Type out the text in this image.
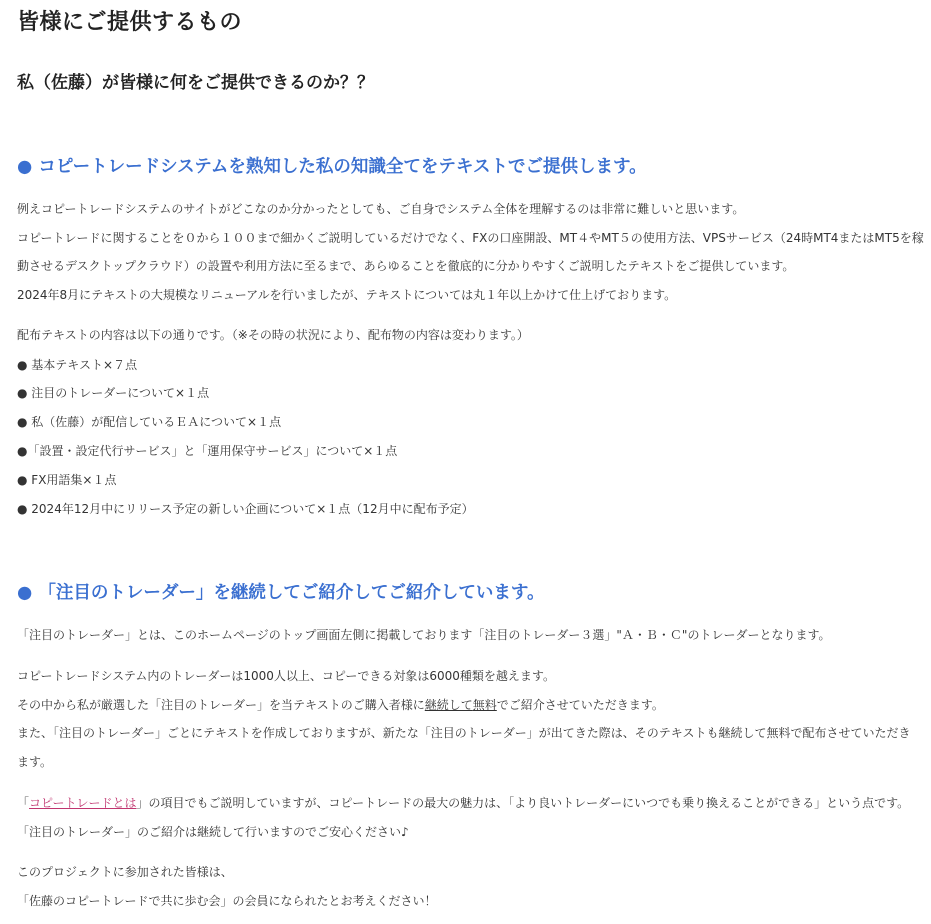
皆様にご提供するもの
私（佐藤）が皆様に何をご提供できるのか？？
● コピートレードシステムを熟知した私の知識全てをテキストでご提供します。
例えコピートレードシステムのサイトがどこなのか分かったとしても、ご自身でシステム全体を理解するのは非常に難しいと思います。
コピートレードに関することを０から１００まで細かくご説明しているだけでなく、FXの口座開設、MT４やMT５の使用方法、VPSサービス（24時MT4またはMT5を稼
動させるデスクトップクラウド）の設置や利用方法に至るまで、あらゆることを徹底的に分かりやすくご説明したテキストをご提供しています。
2024年8月にテキストの大規模なリニューアルを行いましたが、テキストについては丸１年以上かけて仕上げております。
配布テキストの内容は以下の通りです。（※その時の状況により、配布物の内容は変わります。）
● 基本テキスト×７点
● 注目のトレーダーについて×１点
● 私（佐藤）が配信しているＥＡについて×１点
●「設置・設定代行サービス」と「運用保守サービス」について×１点
● FX用語集×１点
● 2024年12月中にリリース予定の新しい企画について×１点（12月中に配布予定）
● 「注目のトレーダー」を継続してご紹介してご紹介しています。
「注目のトレーダー」とは、このホームページのトップ画面左側に掲載しております「注目のトレーダー３選」"Ａ・Ｂ・Ｃ"のトレーダーとなります。
コピートレードシステム内のトレーダーは1000人以上、コピーできる対象は6000種類を越えます。
その中から私が厳選した「注目のトレーダー」を当テキストのご購入者様に継続して無料でご紹介させていただきます。
また、「注目のトレーダー」ごとにテキストを作成しておりますが、新たな「注目のトレーダー」が出てきた際は、そのテキストも継続して無料で配布させていただき
ます。
「コピートレードとは」の項目でもご説明していますが、コピートレードの最大の魅力は、「より良いトレーダーにいつでも乗り換えることができる」という点です。
「注目のトレーダー」のご紹介は継続して行いますのでご安心ください♪
このプロジェクトに参加された皆様は、
「佐藤のコピートレードで共に歩む会」の会員になられたとお考えください！
